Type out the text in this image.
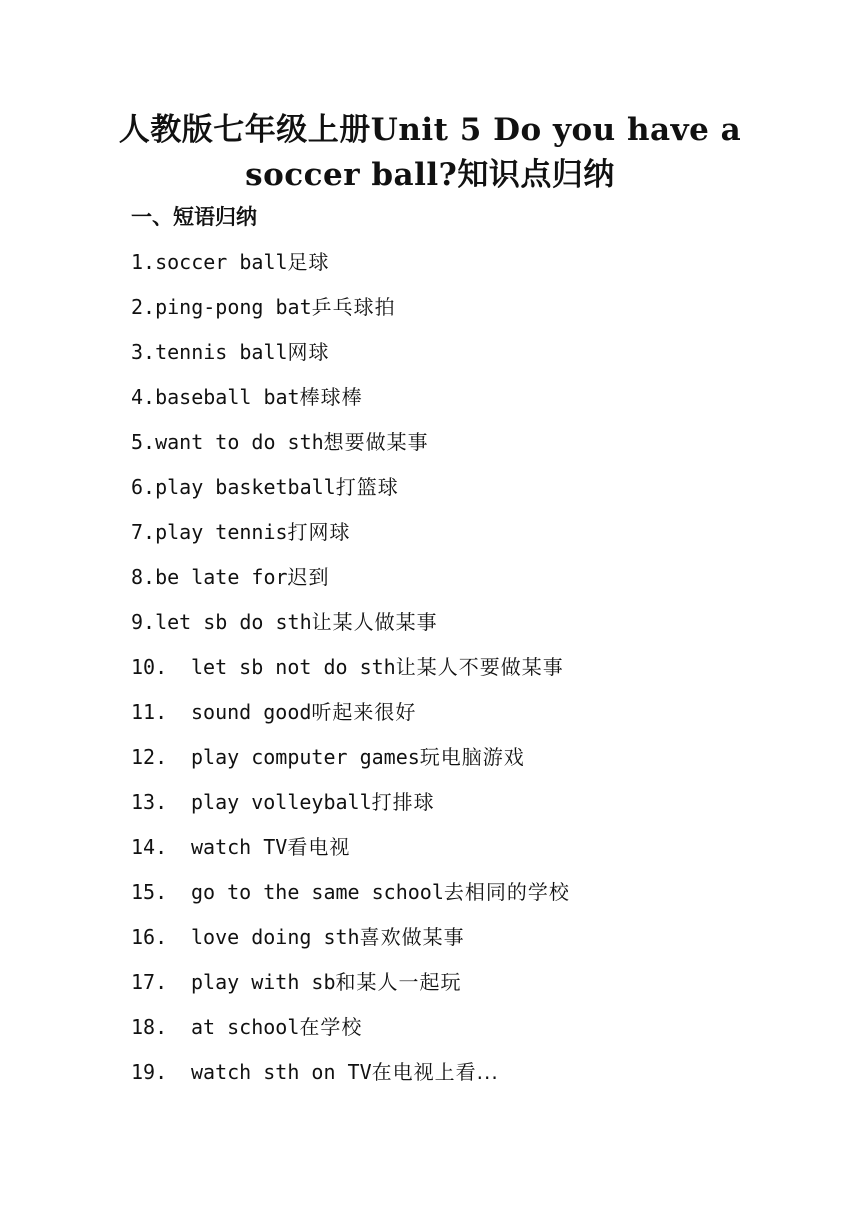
人教版七年级上册Unit 5 Do you have a
soccer ball?知识点归纳
一、短语归纳
1. soccer ball 足球
2. ping-pong bat 乒乓球拍
3. tennis ball 网球
4. baseball bat 棒球棒
5. want to do sth 想要做某事
6. play basketball 打篮球
7. play tennis 打网球
8. be late for 迟到
9. let sb do sth 让某人做某事
10.	let sb not do sth 让某人不要做某事
11.	sound good 听起来很好
12.	play computer games 玩电脑游戏
13.	play volleyball 打排球
14.	watch TV 看电视
15.	go to the same school 去相同的学校
16.	love doing sth 喜欢做某事
17.	play with sb 和某人一起玩
18.	at school 在学校
19.	watch sth on TV 在电视上看...
